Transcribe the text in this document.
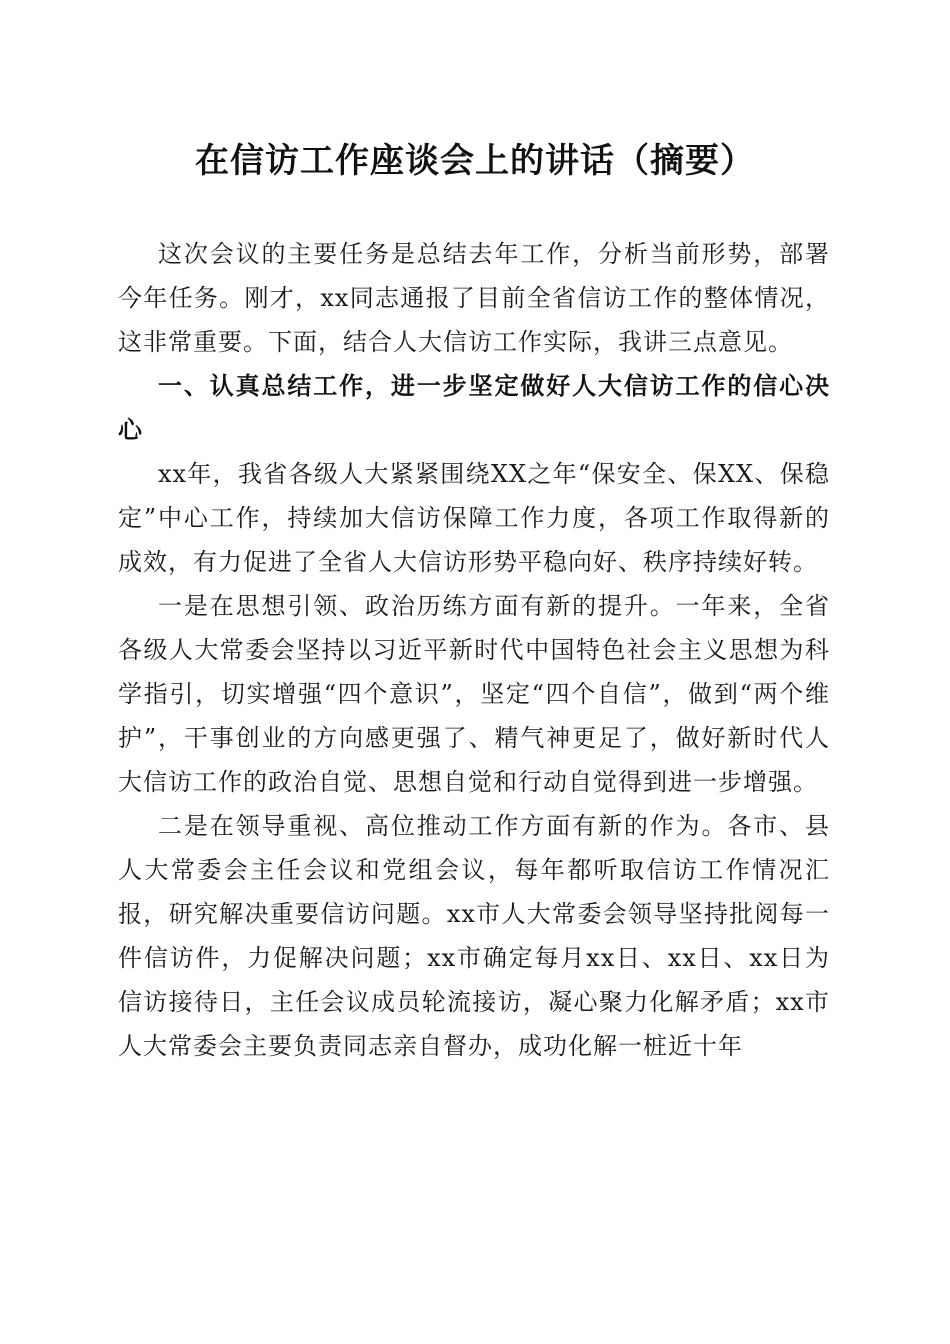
在信访工作座谈会上的讲话（摘要）

这次会议的主要任务是总结去年工作，分析当前形势，部署今年任务。刚才，xx同志通报了目前全省信访工作的整体情况，这非常重要。下面，结合人大信访工作实际，我讲三点意见。

一、认真总结工作，进一步坚定做好人大信访工作的信心决心

xx年，我省各级人大紧紧围绕XX之年“保安全、保XX、保稳定”中心工作，持续加大信访保障工作力度，各项工作取得新的成效，有力促进了全省人大信访形势平稳向好、秩序持续好转。

一是在思想引领、政治历练方面有新的提升。一年来，全省各级人大常委会坚持以习近平新时代中国特色社会主义思想为科学指引，切实增强“四个意识”，坚定“四个自信”，做到“两个维护”，干事创业的方向感更强了、精气神更足了，做好新时代人大信访工作的政治自觉、思想自觉和行动自觉得到进一步增强。

二是在领导重视、高位推动工作方面有新的作为。各市、县人大常委会主任会议和党组会议，每年都听取信访工作情况汇报，研究解决重要信访问题。xx市人大常委会领导坚持批阅每一件信访件，力促解决问题；xx市确定每月xx日、xx日、xx日为信访接待日，主任会议成员轮流接访，凝心聚力化解矛盾；xx市人大常委会主要负责同志亲自督办，成功化解一桩近十年
